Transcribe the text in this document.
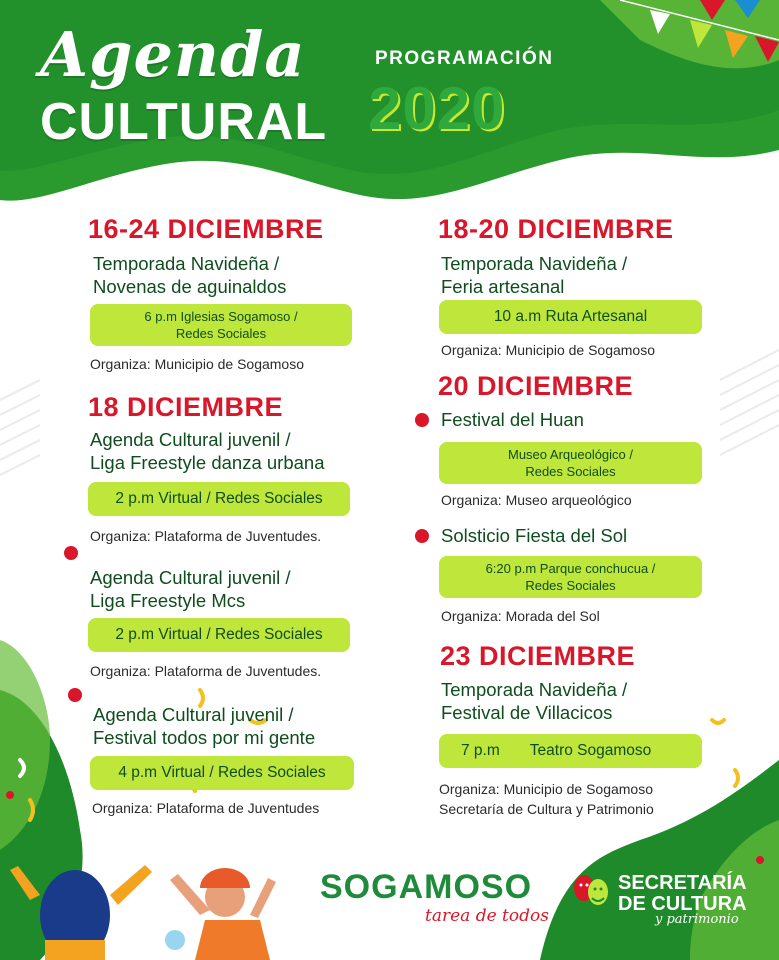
Agenda
CULTURAL
PROGRAMACIÓN
2020
16-24 DICIEMBRE
Temporada Navideña /
Novenas de aguinaldos
6 p.m Iglesias Sogamoso /
Redes Sociales
Organiza: Municipio de Sogamoso
18 DICIEMBRE
Agenda Cultural juvenil /
Liga Freestyle danza urbana
2 p.m Virtual / Redes Sociales
Organiza: Plataforma de Juventudes.
Agenda Cultural juvenil /
Liga Freestyle Mcs
2 p.m Virtual / Redes Sociales
Organiza: Plataforma de Juventudes.
Agenda Cultural juvenil /
Festival todos por mi gente
4 p.m Virtual / Redes Sociales
Organiza: Plataforma de Juventudes
18-20 DICIEMBRE
Temporada Navideña /
Feria artesanal
10 a.m Ruta Artesanal
Organiza: Municipio de Sogamoso
20 DICIEMBRE
Festival del Huan
Museo Arqueológico /
Redes Sociales
Organiza: Museo arqueológico
Solsticio Fiesta del Sol
6:20 p.m Parque conchucua /
Redes Sociales
Organiza: Morada del Sol
23 DICIEMBRE
Temporada Navideña /
Festival de Villacicos
7 p.m Teatro Sogamoso
Organiza: Municipio de Sogamoso
Secretaría de Cultura y Patrimonio
SOGAMOSO
tarea de todos
SECRETARÍA
DE CULTURA
y patrimonio
